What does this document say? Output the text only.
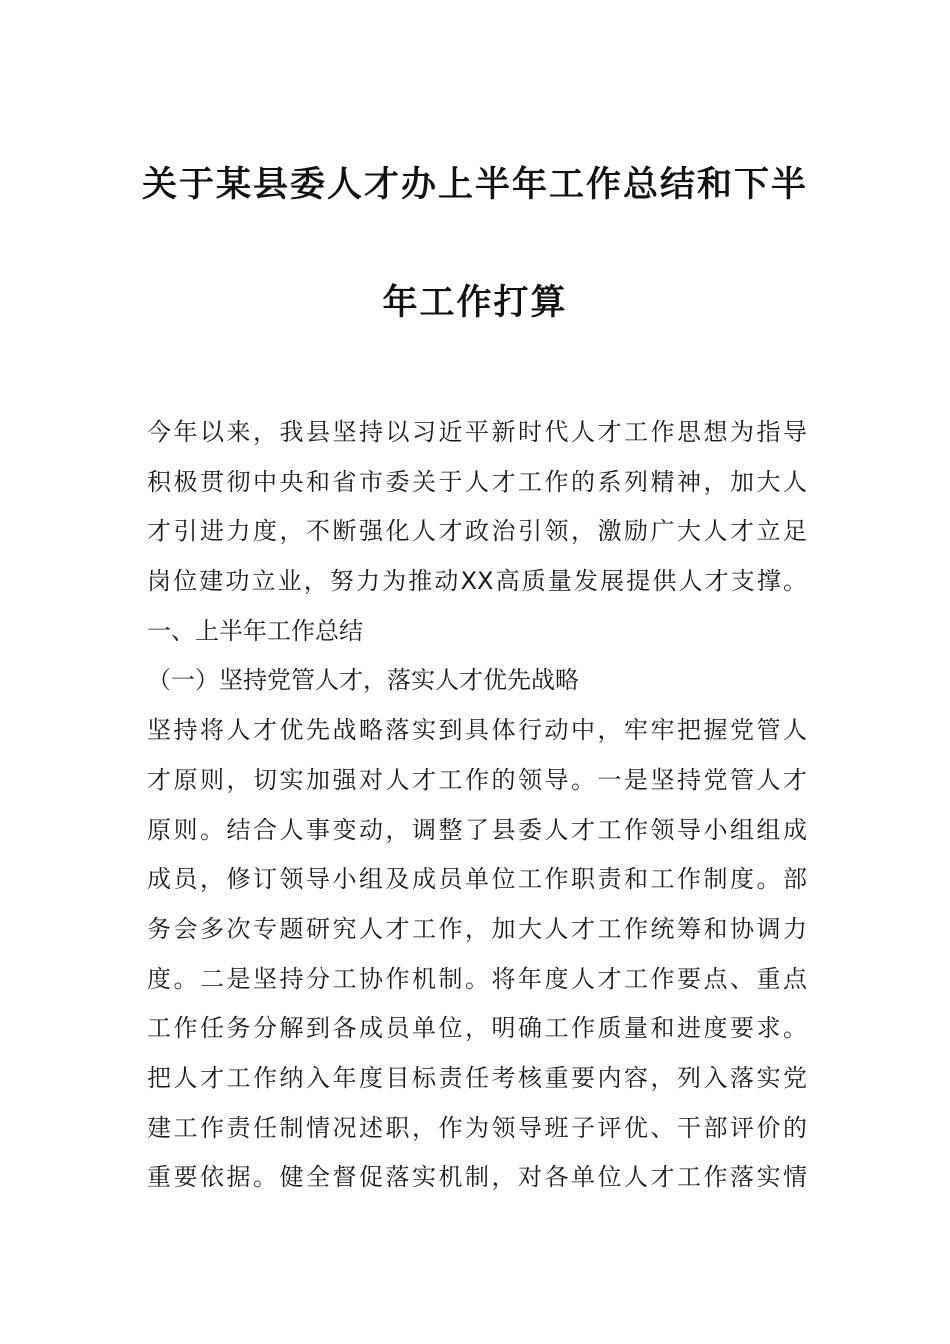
关于某县委人才办上半年工作总结和下半
年工作打算
今年以来，我县坚持以习近平新时代人才工作思想为指导
积极贯彻中央和省市委关于人才工作的系列精神，加大人
才引进力度，不断强化人才政治引领，激励广大人才立足
岗位建功立业，努力为推动XX高质量发展提供人才支撑。
一、上半年工作总结
（一）坚持党管人才，落实人才优先战略
坚持将人才优先战略落实到具体行动中，牢牢把握党管人
才原则，切实加强对人才工作的领导。一是坚持党管人才
原则。结合人事变动，调整了县委人才工作领导小组组成
成员，修订领导小组及成员单位工作职责和工作制度。部
务会多次专题研究人才工作，加大人才工作统筹和协调力
度。二是坚持分工协作机制。将年度人才工作要点、重点
工作任务分解到各成员单位，明确工作质量和进度要求。
把人才工作纳入年度目标责任考核重要内容，列入落实党
建工作责任制情况述职，作为领导班子评优、干部评价的
重要依据。健全督促落实机制，对各单位人才工作落实情
